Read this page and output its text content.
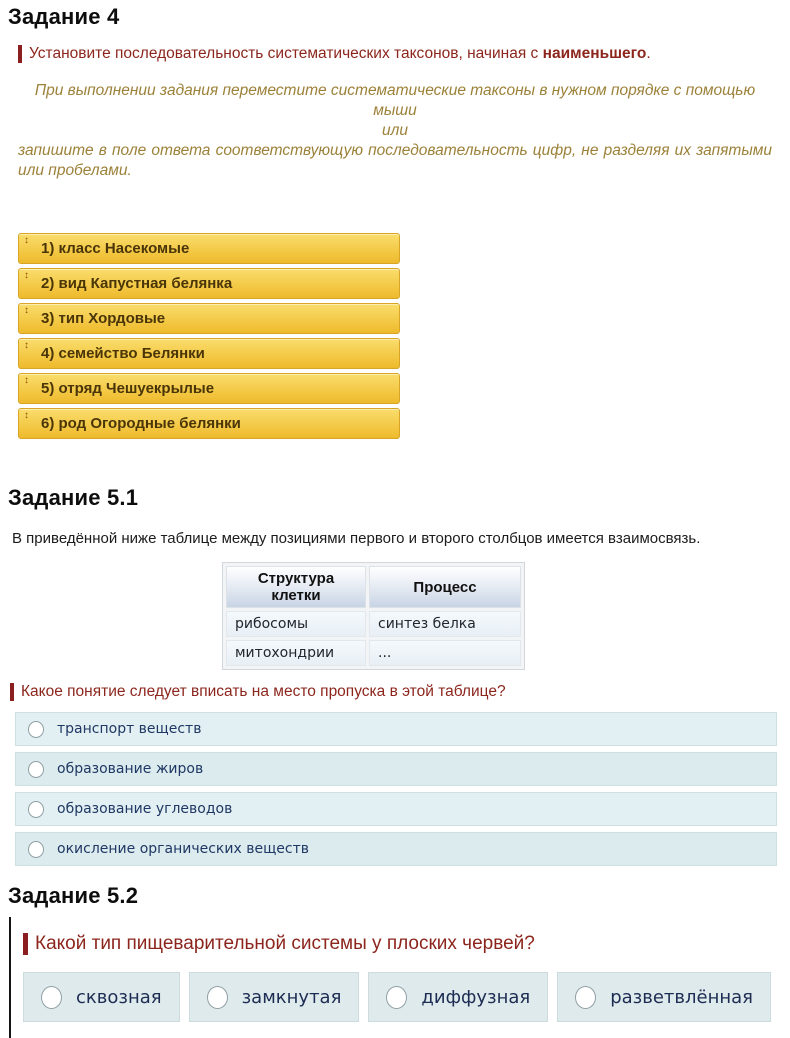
Задание 4
Установите последовательность систематических таксонов, начиная с наименьшего.
При выполнении задания переместите систематические таксоны в нужном порядке с помощью мыши
или
запишите в поле ответа соответствующую последовательность цифр, не разделяя их запятыми или пробелами.
↕ 1) класс Насекомые
↕ 2) вид Капустная белянка
↕ 3) тип Хордовые
↕ 4) семейство Белянки
↕ 5) отряд Чешуекрылые
↕ 6) род Огородные белянки
Задание 5.1
В приведённой ниже таблице между позициями первого и второго столбцов имеется взаимосвязь.
Структура клетки	Процесс
рибосомы	синтез белка
митохондрии	...
Какое понятие следует вписать на место пропуска в этой таблице?
транспорт веществ
образование жиров
образование углеводов
окисление органических веществ
Задание 5.2
Какой тип пищеварительной системы у плоских червей?
сквозная	замкнутая	диффузная	разветвлённая
